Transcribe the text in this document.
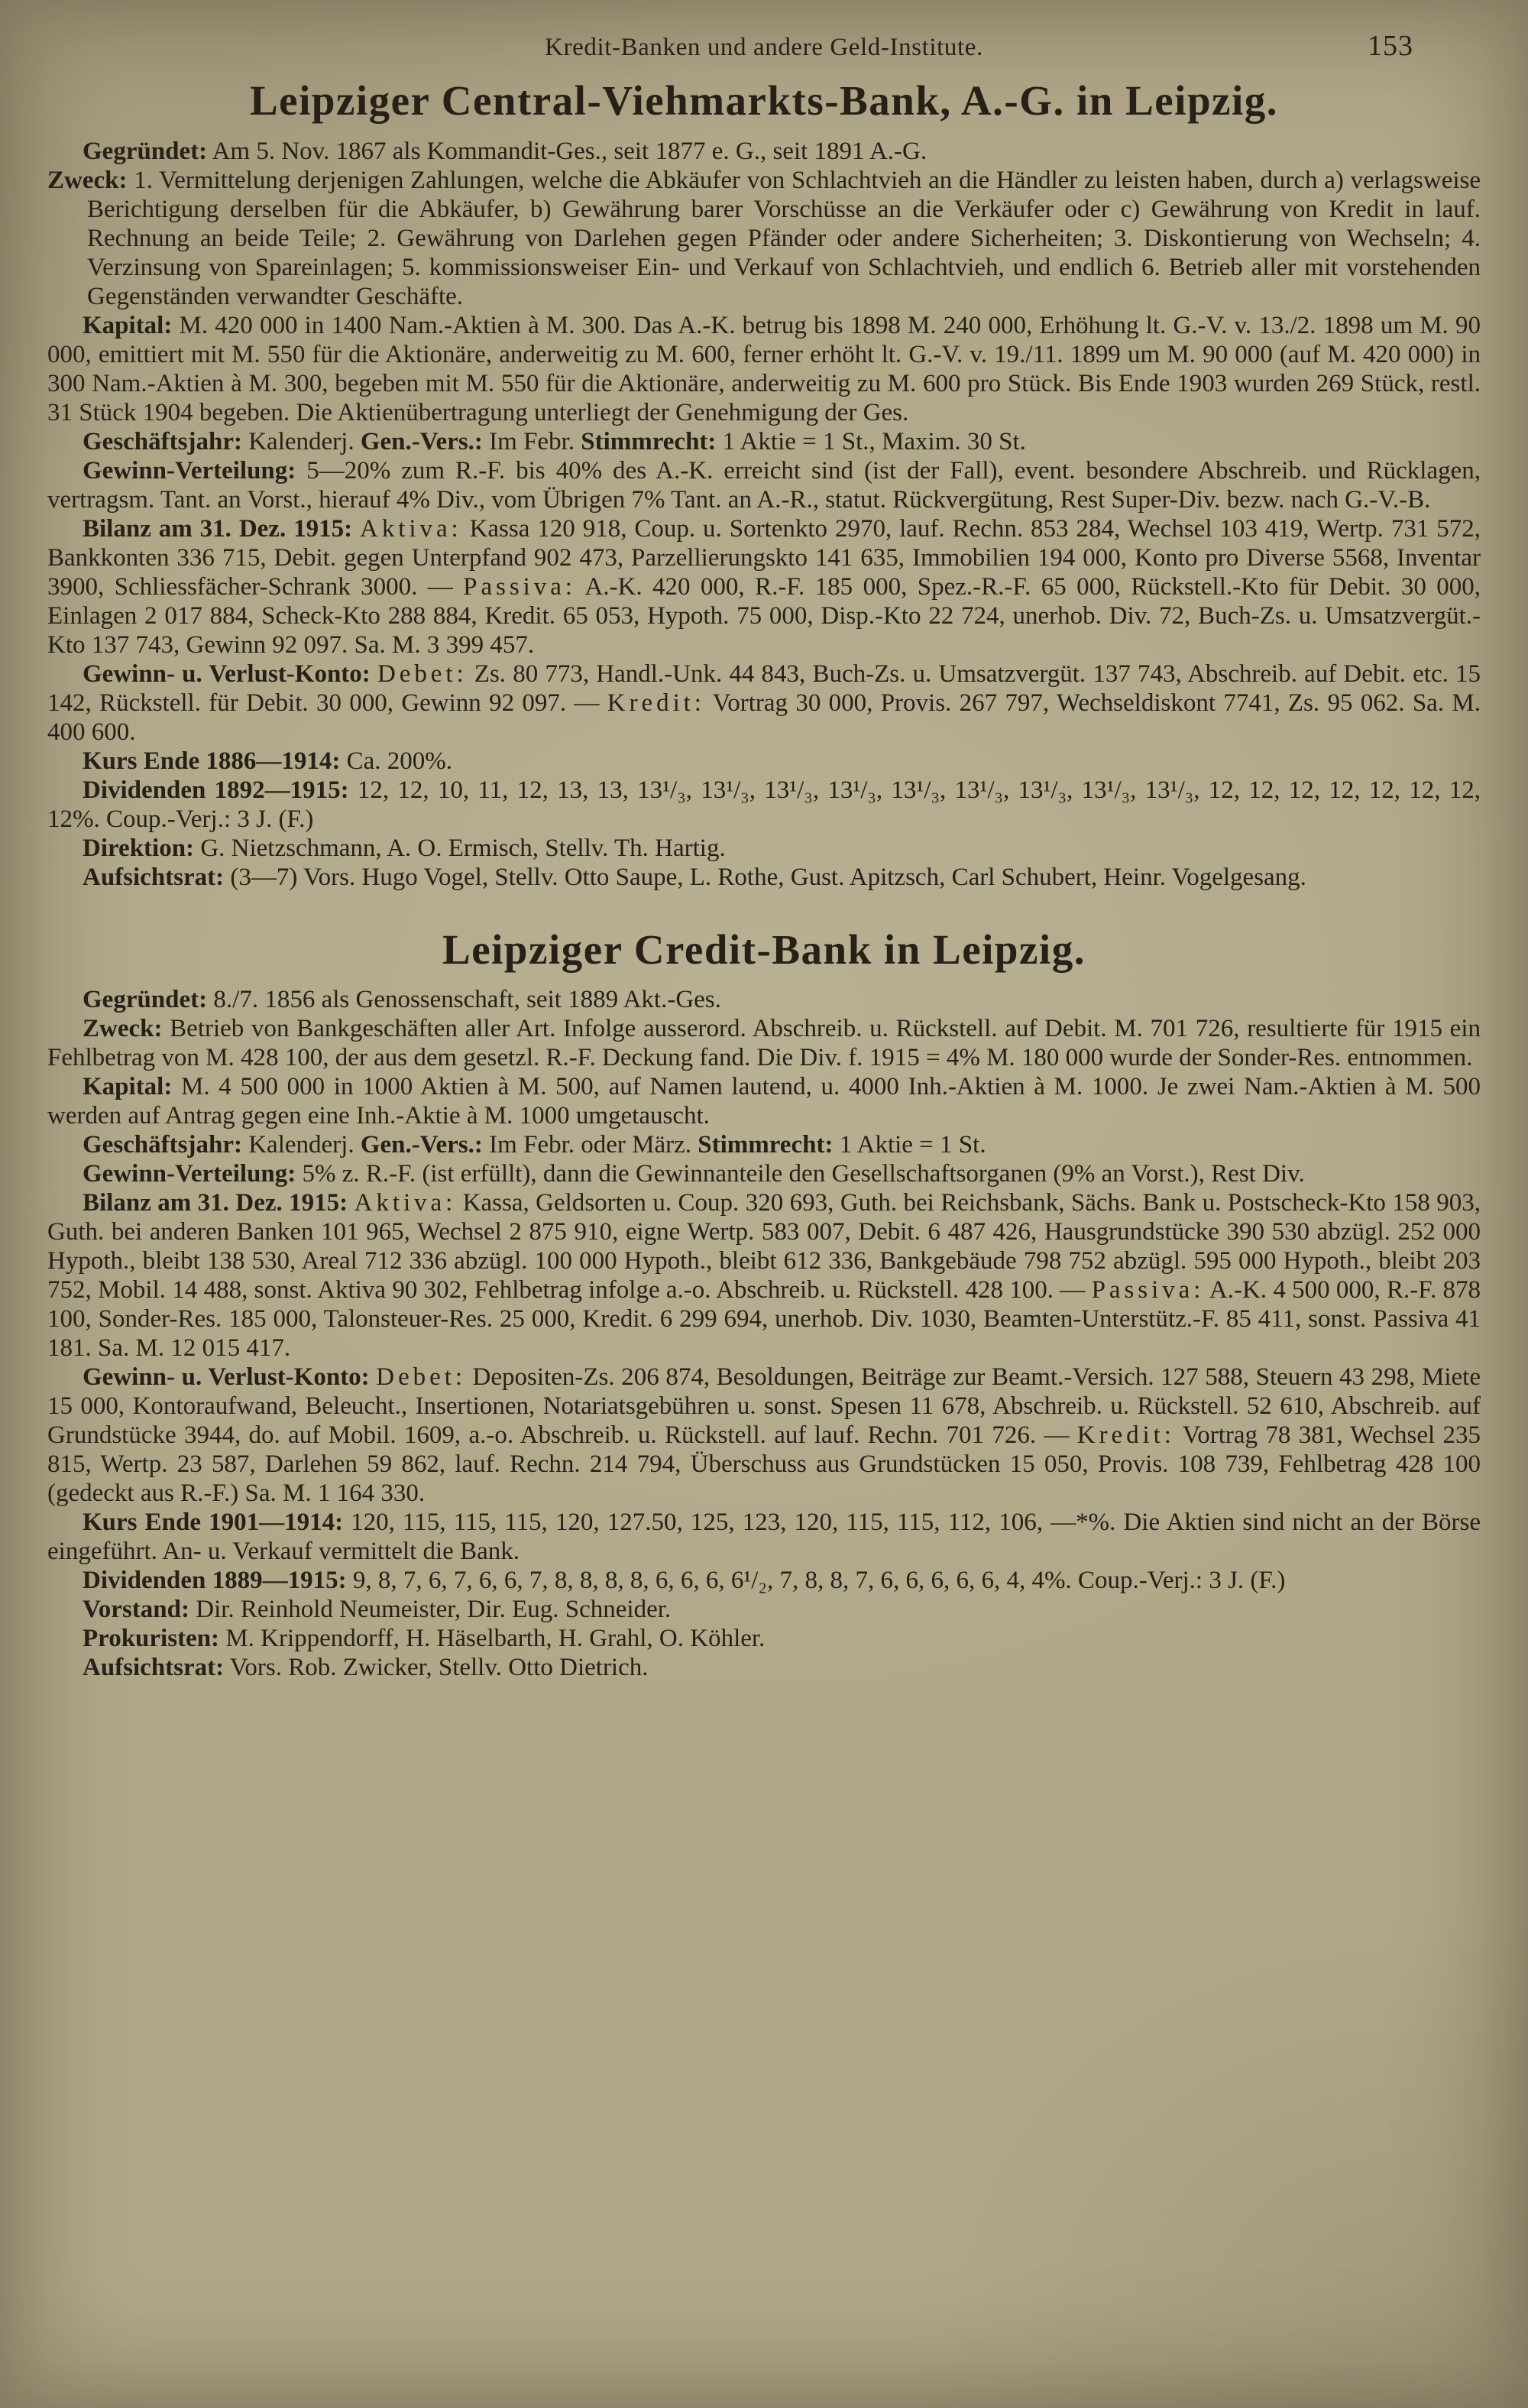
Kredit-Banken und andere Geld-Institute.	153
Leipziger Central-Viehmarkts-Bank, A.-G. in Leipzig.

Gegründet: Am 5. Nov. 1867 als Kommandit-Ges., seit 1877 e. G., seit 1891 A.-G.

Zweck: 1. Vermittelung derjenigen Zahlungen, welche die Abkäufer von Schlachtvieh an die Händler zu leisten haben, durch a) verlagsweise Berichtigung derselben für die Abkäufer, b) Gewährung barer Vorschüsse an die Verkäufer oder c) Gewährung von Kredit in lauf. Rechnung an beide Teile; 2. Gewährung von Darlehen gegen Pfänder oder andere Sicherheiten; 3. Diskontierung von Wechseln; 4. Verzinsung von Spareinlagen; 5. kommissionsweiser Ein- und Verkauf von Schlachtvieh, und endlich 6. Betrieb aller mit vorstehenden Gegenständen verwandter Geschäfte.

Kapital: M. 420 000 in 1400 Nam.-Aktien à M. 300. Das A.-K. betrug bis 1898 M. 240 000, Erhöhung lt. G.-V. v. 13./2. 1898 um M. 90 000, emittiert mit M. 550 für die Aktionäre, anderweitig zu M. 600, ferner erhöht lt. G.-V. v. 19./11. 1899 um M. 90 000 (auf M. 420 000) in 300 Nam.-Aktien à M. 300, begeben mit M. 550 für die Aktionäre, anderweitig zu M. 600 pro Stück. Bis Ende 1903 wurden 269 Stück, restl. 31 Stück 1904 begeben. Die Aktienübertragung unterliegt der Genehmigung der Ges.

Geschäftsjahr: Kalenderj. Gen.-Vers.: Im Febr. Stimmrecht: 1 Aktie = 1 St., Maxim. 30 St.

Gewinn-Verteilung: 5—20% zum R.-F. bis 40% des A.-K. erreicht sind (ist der Fall), event. besondere Abschreib. und Rücklagen, vertragsm. Tant. an Vorst., hierauf 4% Div., vom Übrigen 7% Tant. an A.-R., statut. Rückvergütung, Rest Super-Div. bezw. nach G.-V.-B.

Bilanz am 31. Dez. 1915: Aktiva: Kassa 120 918, Coup. u. Sortenkto 2970, lauf. Rechn. 853 284, Wechsel 103 419, Wertp. 731 572, Bankkonten 336 715, Debit. gegen Unterpfand 902 473, Parzellierungskto 141 635, Immobilien 194 000, Konto pro Diverse 5568, Inventar 3900, Schliessfächer-Schrank 3000. — Passiva: A.-K. 420 000, R.-F. 185 000, Spez.-R.-F. 65 000, Rückstell.-Kto für Debit. 30 000, Einlagen 2 017 884, Scheck-Kto 288 884, Kredit. 65 053, Hypoth. 75 000, Disp.-Kto 22 724, unerhob. Div. 72, Buch-Zs. u. Umsatzvergüt.-Kto 137 743, Gewinn 92 097. Sa. M. 3 399 457.

Gewinn- u. Verlust-Konto: Debet: Zs. 80 773, Handl.-Unk. 44 843, Buch-Zs. u. Umsatzvergüt. 137 743, Abschreib. auf Debit. etc. 15 142, Rückstell. für Debit. 30 000, Gewinn 92 097. — Kredit: Vortrag 30 000, Provis. 267 797, Wechseldiskont 7741, Zs. 95 062. Sa. M. 400 600.

Kurs Ende 1886—1914: Ca. 200%.

Dividenden 1892—1915: 12, 12, 10, 11, 12, 13, 13, 13¹/₃, 13¹/₃, 13¹/₃, 13¹/₃, 13¹/₃, 13¹/₃, 13¹/₃, 13¹/₃, 13¹/₃, 12, 12, 12, 12, 12, 12, 12, 12%. Coup.-Verj.: 3 J. (F.)

Direktion: G. Nietzschmann, A. O. Ermisch, Stellv. Th. Hartig.

Aufsichtsrat: (3—7) Vors. Hugo Vogel, Stellv. Otto Saupe, L. Rothe, Gust. Apitzsch, Carl Schubert, Heinr. Vogelgesang.

Leipziger Credit-Bank in Leipzig.

Gegründet: 8./7. 1856 als Genossenschaft, seit 1889 Akt.-Ges.

Zweck: Betrieb von Bankgeschäften aller Art. Infolge ausserord. Abschreib. u. Rückstell. auf Debit. M. 701 726, resultierte für 1915 ein Fehlbetrag von M. 428 100, der aus dem gesetzl. R.-F. Deckung fand. Die Div. f. 1915 = 4% M. 180 000 wurde der Sonder-Res. entnommen.

Kapital: M. 4 500 000 in 1000 Aktien à M. 500, auf Namen lautend, u. 4000 Inh.-Aktien à M. 1000. Je zwei Nam.-Aktien à M. 500 werden auf Antrag gegen eine Inh.-Aktie à M. 1000 umgetauscht.

Geschäftsjahr: Kalenderj. Gen.-Vers.: Im Febr. oder März. Stimmrecht: 1 Aktie = 1 St.

Gewinn-Verteilung: 5% z. R.-F. (ist erfüllt), dann die Gewinnanteile den Gesellschaftsorganen (9% an Vorst.), Rest Div.

Bilanz am 31. Dez. 1915: Aktiva: Kassa, Geldsorten u. Coup. 320 693, Guth. bei Reichsbank, Sächs. Bank u. Postscheck-Kto 158 903, Guth. bei anderen Banken 101 965, Wechsel 2 875 910, eigne Wertp. 583 007, Debit. 6 487 426, Hausgrundstücke 390 530 abzügl. 252 000 Hypoth., bleibt 138 530, Areal 712 336 abzügl. 100 000 Hypoth., bleibt 612 336, Bankgebäude 798 752 abzügl. 595 000 Hypoth., bleibt 203 752, Mobil. 14 488, sonst. Aktiva 90 302, Fehlbetrag infolge a.-o. Abschreib. u. Rückstell. 428 100. — Passiva: A.-K. 4 500 000, R.-F. 878 100, Sonder-Res. 185 000, Talonsteuer-Res. 25 000, Kredit. 6 299 694, unerhob. Div. 1030, Beamten-Unterstütz.-F. 85 411, sonst. Passiva 41 181. Sa. M. 12 015 417.

Gewinn- u. Verlust-Konto: Debet: Depositen-Zs. 206 874, Besoldungen, Beiträge zur Beamt.-Versich. 127 588, Steuern 43 298, Miete 15 000, Kontoraufwand, Beleucht., Insertionen, Notariatsgebühren u. sonst. Spesen 11 678, Abschreib. u. Rückstell. 52 610, Abschreib. auf Grundstücke 3944, do. auf Mobil. 1609, a.-o. Abschreib. u. Rückstell. auf lauf. Rechn. 701 726. — Kredit: Vortrag 78 381, Wechsel 235 815, Wertp. 23 587, Darlehen 59 862, lauf. Rechn. 214 794, Überschuss aus Grundstücken 15 050, Provis. 108 739, Fehlbetrag 428 100 (gedeckt aus R.-F.) Sa. M. 1 164 330.

Kurs Ende 1901—1914: 120, 115, 115, 115, 120, 127.50, 125, 123, 120, 115, 115, 112, 106, —*%. Die Aktien sind nicht an der Börse eingeführt. An- u. Verkauf vermittelt die Bank.

Dividenden 1889—1915: 9, 8, 7, 6, 7, 6, 6, 7, 8, 8, 8, 8, 6, 6, 6, 6¹/₂, 7, 8, 8, 7, 6, 6, 6, 6, 6, 4, 4%. Coup.-Verj.: 3 J. (F.)

Vorstand: Dir. Reinhold Neumeister, Dir. Eug. Schneider.

Prokuristen: M. Krippendorff, H. Häselbarth, H. Grahl, O. Köhler.

Aufsichtsrat: Vors. Rob. Zwicker, Stellv. Otto Dietrich.
